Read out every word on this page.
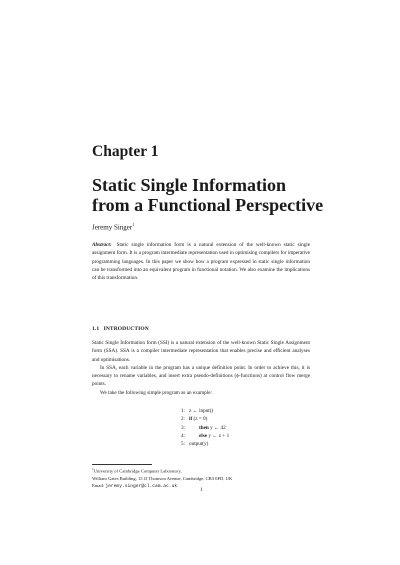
Chapter 1
Static Single Information
from a Functional Perspective
Jeremy Singer$^1$

Abstract: Static single information form is a natural extension of the well-known static single assignment form. It is a program intermediate representation used in optimising compilers for imperative programming languages. In this paper we show how a program expressed in static single information can be transformed into an equivalent program in functional notation. We also examine the implications of this transformation.

1.1 INTRODUCTION

Static Single Information form (SSI) is a natural extension of the well-known Static Single Assignment form (SSA). SSA is a compiler intermediate representation that enables precise and efficient analyses and optimisations.

In SSA, each variable in the program has a unique definition point. In order to achieve this, it is necessary to rename variables, and insert extra pseudo-definitions (ϕ-functions) at control flow merge points.

We take the following simple program as an example:

1: z ← input()
2: if (z = 0)
3:	then y ← 42
4:	else y ← z + 1
5: output(y)
$^1$University of Cambridge Computer Laboratory,
William Gates Building, 15 JJ Thomson Avenue, Cambridge, CB3 0FD, UK
Email: jeremy.singer@cl.cam.ac.uk
1
